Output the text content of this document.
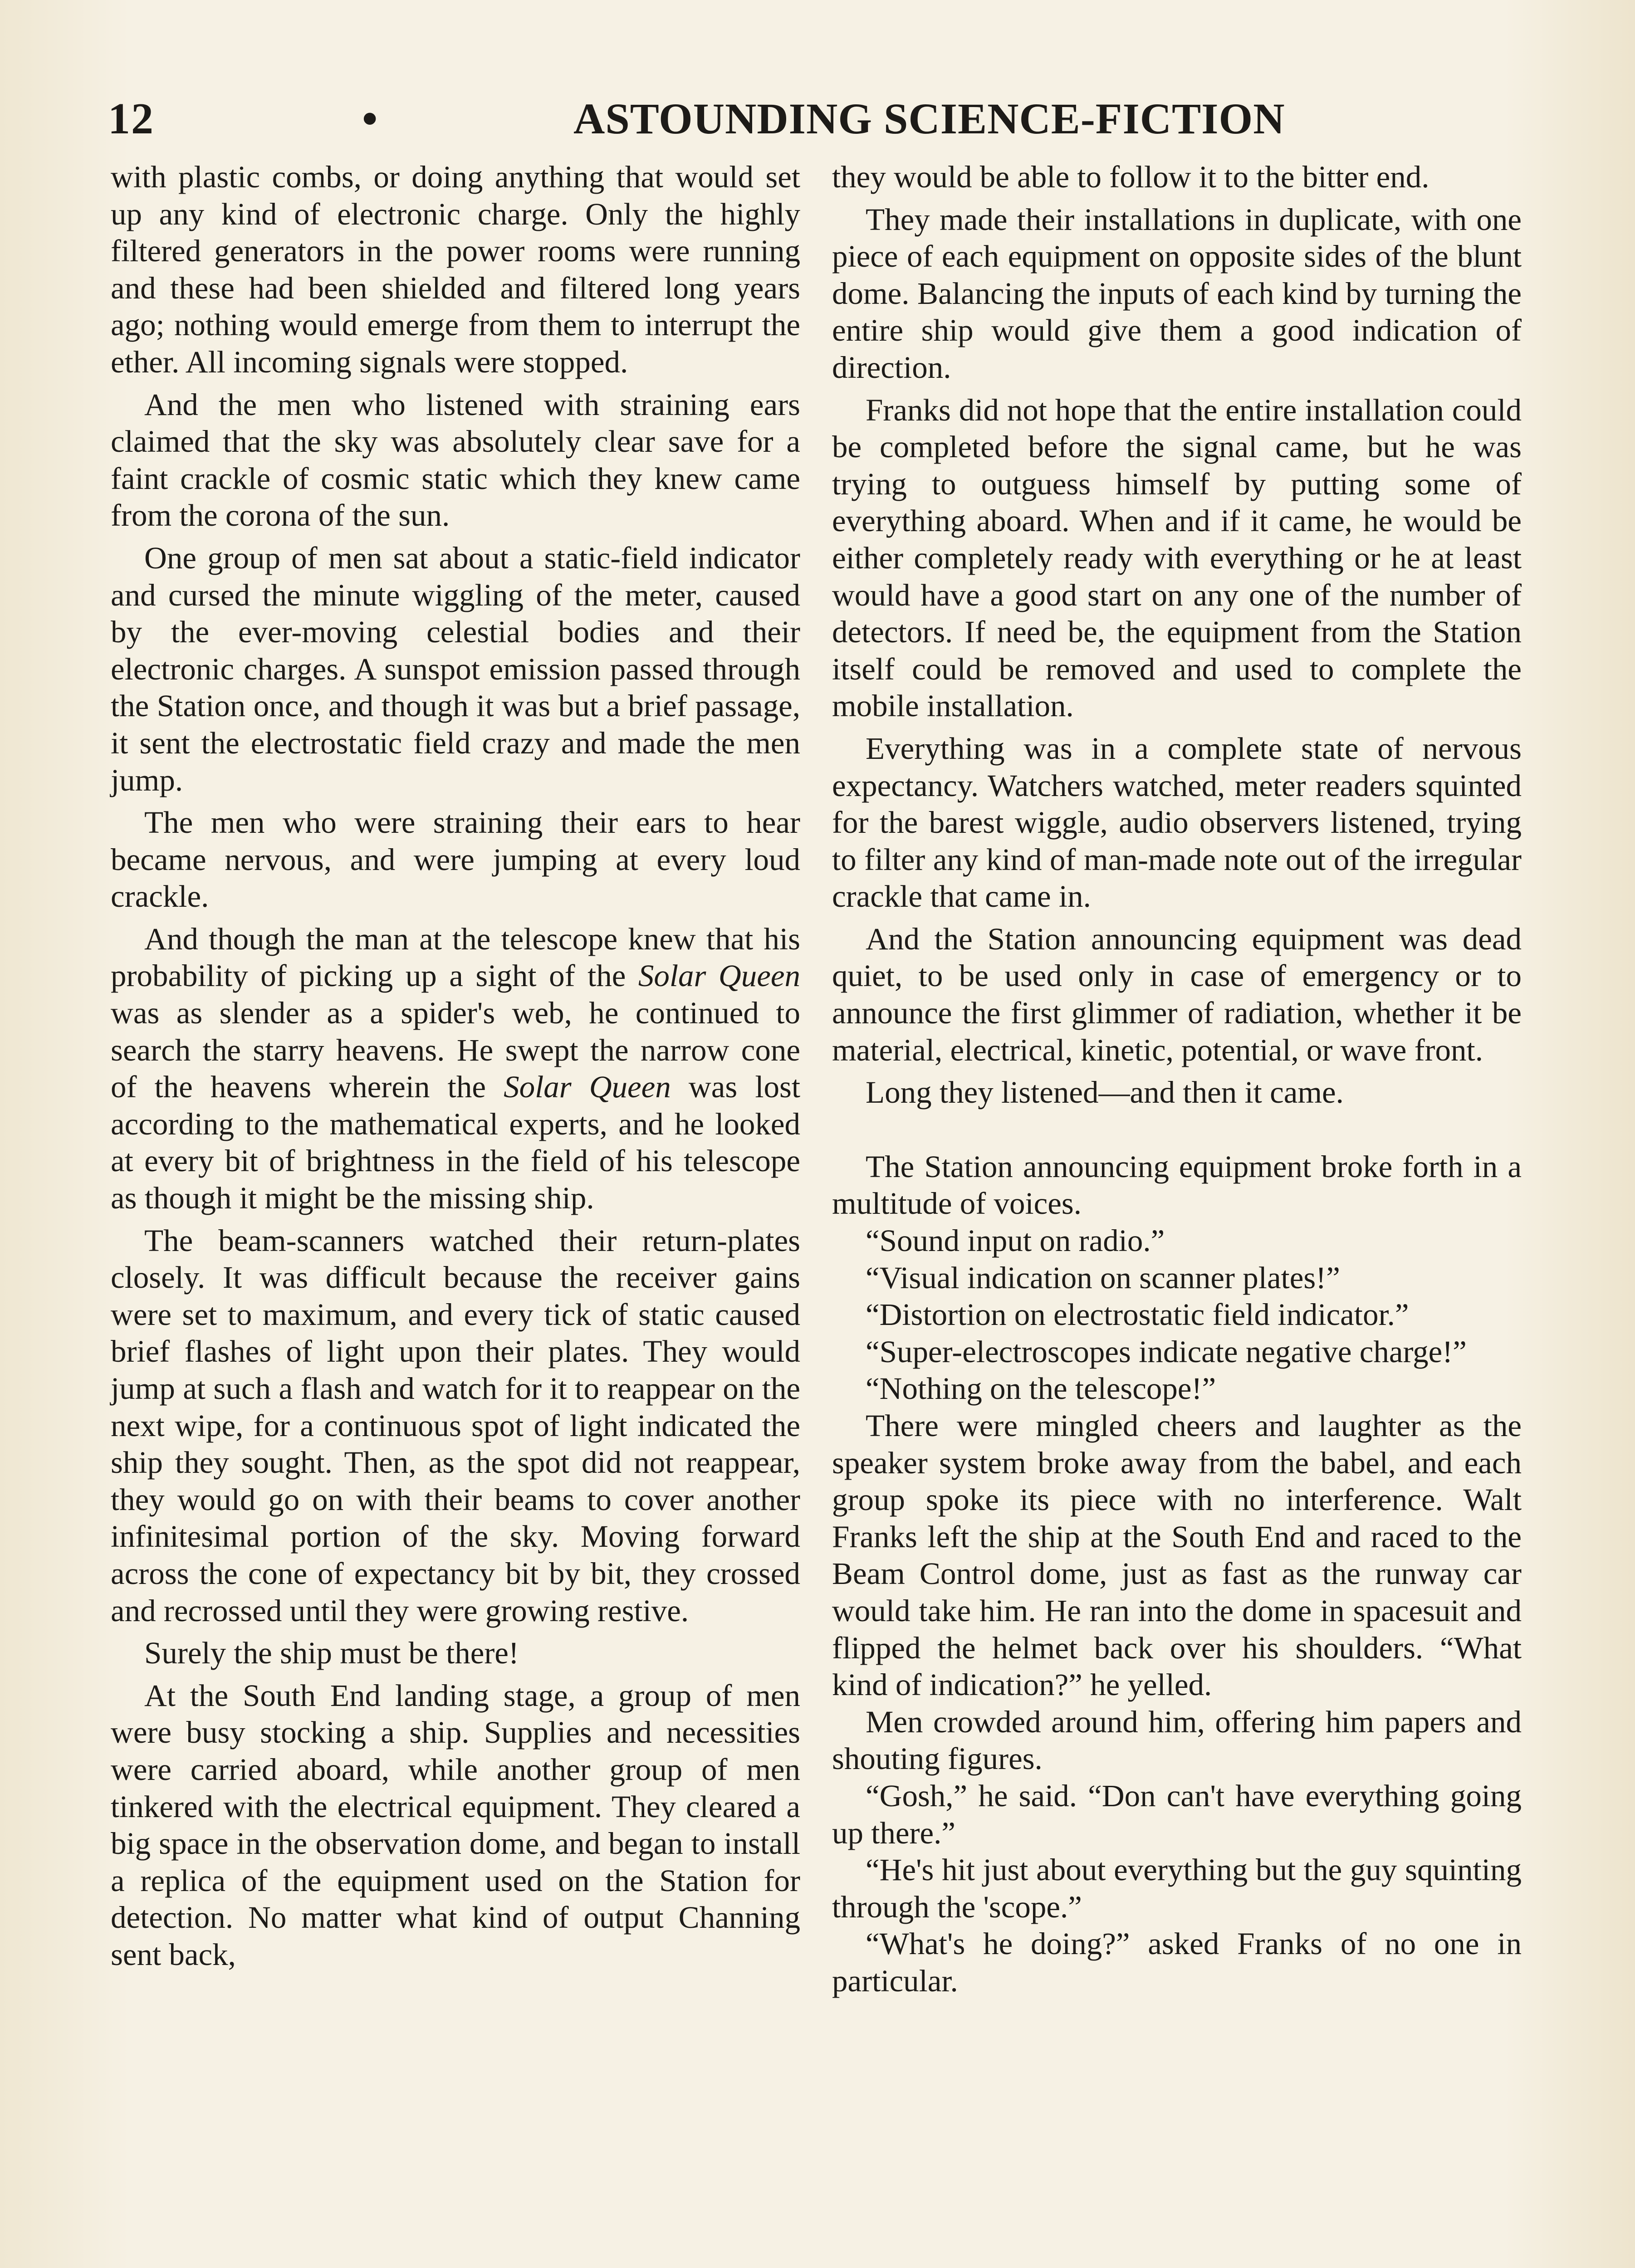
12	•	ASTOUNDING SCIENCE-FICTION

with plastic combs, or doing anything that would set up any kind of electronic charge. Only the highly filtered generators in the power rooms were running and these had been shielded and filtered long years ago; nothing would emerge from them to interrupt the ether. All incoming signals were stopped.

And the men who listened with straining ears claimed that the sky was absolutely clear save for a faint crackle of cosmic static which they knew came from the corona of the sun.

One group of men sat about a static-field indicator and cursed the minute wiggling of the meter, caused by the ever-moving celestial bodies and their electronic charges. A sunspot emission passed through the Station once, and though it was but a brief passage, it sent the electrostatic field crazy and made the men jump.

The men who were straining their ears to hear became nervous, and were jumping at every loud crackle.

And though the man at the telescope knew that his probability of picking up a sight of the Solar Queen was as slender as a spider's web, he continued to search the starry heavens. He swept the narrow cone of the heavens wherein the Solar Queen was lost according to the mathematical experts, and he looked at every bit of brightness in the field of his telescope as though it might be the missing ship.

The beam-scanners watched their return-plates closely. It was difficult because the receiver gains were set to maximum, and every tick of static caused brief flashes of light upon their plates. They would jump at such a flash and watch for it to reappear on the next wipe, for a continuous spot of light indicated the ship they sought. Then, as the spot did not reappear, they would go on with their beams to cover another infinitesimal portion of the sky. Moving forward across the cone of expectancy bit by bit, they crossed and recrossed until they were growing restive.

Surely the ship must be there!

At the South End landing stage, a group of men were busy stocking a ship. Supplies and necessities were carried aboard, while another group of men tinkered with the electrical equipment. They cleared a big space in the observation dome, and began to install a replica of the equipment used on the Station for detection. No matter what kind of output Channing sent back,

they would be able to follow it to the bitter end.

They made their installations in duplicate, with one piece of each equipment on opposite sides of the blunt dome. Balancing the inputs of each kind by turning the entire ship would give them a good indication of direction.

Franks did not hope that the entire installation could be completed before the signal came, but he was trying to outguess himself by putting some of everything aboard. When and if it came, he would be either completely ready with everything or he at least would have a good start on any one of the number of detectors. If need be, the equipment from the Station itself could be removed and used to complete the mobile installation.

Everything was in a complete state of nervous expectancy. Watchers watched, meter readers squinted for the barest wiggle, audio observers listened, trying to filter any kind of man-made note out of the irregular crackle that came in.

And the Station announcing equipment was dead quiet, to be used only in case of emergency or to announce the first glimmer of radiation, whether it be material, electrical, kinetic, potential, or wave front.

Long they listened—and then it came.

The Station announcing equipment broke forth in a multitude of voices.

“Sound input on radio.”

“Visual indication on scanner plates!”

“Distortion on electrostatic field indicator.”

“Super-electroscopes indicate negative charge!”

“Nothing on the telescope!”

There were mingled cheers and laughter as the speaker system broke away from the babel, and each group spoke its piece with no interference. Walt Franks left the ship at the South End and raced to the Beam Control dome, just as fast as the runway car would take him. He ran into the dome in spacesuit and flipped the helmet back over his shoulders. “What kind of indication?” he yelled.

Men crowded around him, offering him papers and shouting figures.

“Gosh,” he said. “Don can't have everything going up there.”

“He's hit just about everything but the guy squinting through the 'scope.”

“What's he doing?” asked Franks of no one in particular.
